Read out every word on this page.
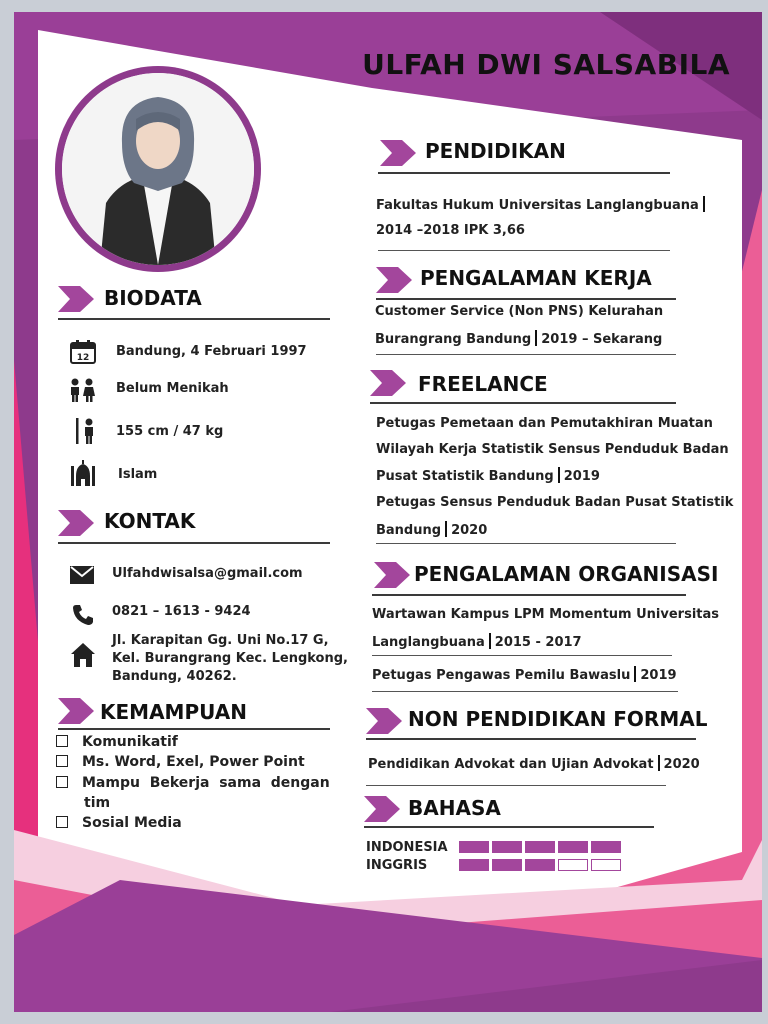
ULFAH DWI SALSABILA
BIODATA
12 Bandung, 4 Februari 1997
Belum Menikah
155 cm / 47 kg
Islam
KONTAK
Ulfahdwisalsa@gmail.com
0821 – 1613 - 9424
Jl. Karapitan Gg. Uni No.17 G,
Kel. Burangrang Kec. Lengkong,
Bandung, 40262.
KEMAMPUAN
Komunikatif
Ms. Word, Exel, Power Point
Mampu  Bekerja  sama  dengan
tim
Sosial Media
PENDIDIKAN
Fakultas Hukum Universitas Langlangbuana
2014 –2018 IPK 3,66
PENGALAMAN KERJA
Customer Service (Non PNS) Kelurahan
Burangrang Bandung 2019 – Sekarang
FREELANCE
Petugas Pemetaan dan Pemutakhiran Muatan
Wilayah Kerja Statistik Sensus Penduduk Badan
Pusat Statistik Bandung 2019
Petugas Sensus Penduduk Badan Pusat Statistik
Bandung 2020
PENGALAMAN ORGANISASI
Wartawan Kampus LPM Momentum Universitas
Langlangbuana 2015 - 2017
Petugas Pengawas Pemilu Bawaslu 2019
NON PENDIDIKAN FORMAL
Pendidikan Advokat dan Ujian Advokat 2020
BAHASA
INDONESIA
INGGRIS
